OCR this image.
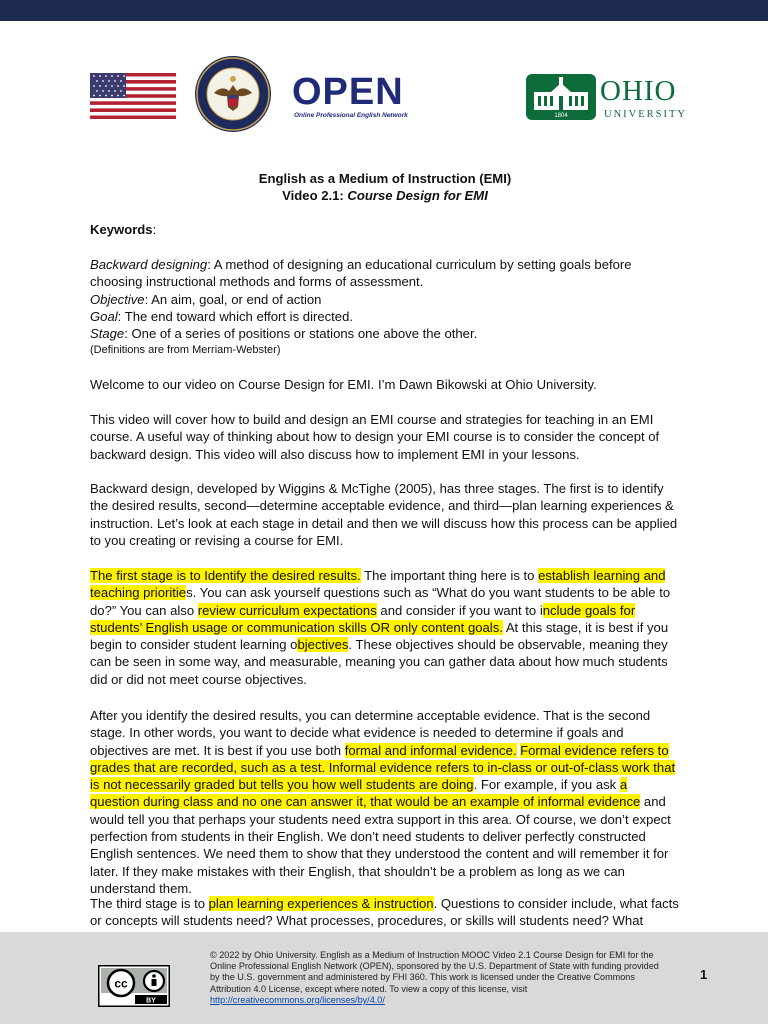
OPEN
Online Professional English Network	1804
OHIO
UNIVERSITY
English as a Medium of Instruction (EMI)
Video 2.1: Course Design for EMI
Keywords:

Backward designing: A method of designing an educational curriculum by setting goals before choosing instructional methods and forms of assessment.

Objective: An aim, goal, or end of action

Goal: The end toward which effort is directed.

Stage: One of a series of positions or stations one above the other.

(Definitions are from Merriam-Webster)

Welcome to our video on Course Design for EMI. I’m Dawn Bikowski at Ohio University.
This video will cover how to build and design an EMI course and strategies for teaching in an EMI course. A useful way of thinking about how to design your EMI course is to consider the concept of backward design. This video will also discuss how to implement EMI in your lessons.
Backward design, developed by Wiggins & McTighe (2005), has three stages. The first is to identify the desired results, second—determine acceptable evidence, and third—plan learning experiences & instruction. Let’s look at each stage in detail and then we will discuss how this process can be applied to you creating or revising a course for EMI.
The first stage is to Identify the desired results. The important thing here is to establish learning and teaching priorities. You can ask yourself questions such as “What do you want students to be able to do?” You can also review curriculum expectations and consider if you want to include goals for students’ English usage or communication skills OR only content goals. At this stage, it is best if you begin to consider student learning objectives. These objectives should be observable, meaning they can be seen in some way, and measurable, meaning you can gather data about how much students did or did not meet course objectives.
After you identify the desired results, you can determine acceptable evidence. That is the second stage. In other words, you want to decide what evidence is needed to determine if goals and objectives are met. It is best if you use both formal and informal evidence. Formal evidence refers to grades that are recorded, such as a test. Informal evidence refers to in-class or out-of-class work that is not necessarily graded but tells you how well students are doing. For example, if you ask a question during class and no one can answer it, that would be an example of informal evidence and would tell you that perhaps your students need extra support in this area. Of course, we don’t expect perfection from students in their English. We don’t need students to deliver perfectly constructed English sentences. We need them to show that they understood the content and will remember it for later. If they make mistakes with their English, that shouldn’t be a problem as long as we can understand them.
The third stage is to plan learning experiences & instruction. Questions to consider include, what facts or concepts will students need? What processes, procedures, or skills will students need? What
cc
BY
© 2022 by Ohio University. English as a Medium of Instruction MOOC Video 2.1 Course Design for EMI for the Online Professional English Network (OPEN), sponsored by the U.S. Department of State with funding provided by the U.S. government and administered by FHI 360. This work is licensed under the Creative Commons Attribution 4.0 License, except where noted. To view a copy of this license, visit http://creativecommons.org/licenses/by/4.0/
1
